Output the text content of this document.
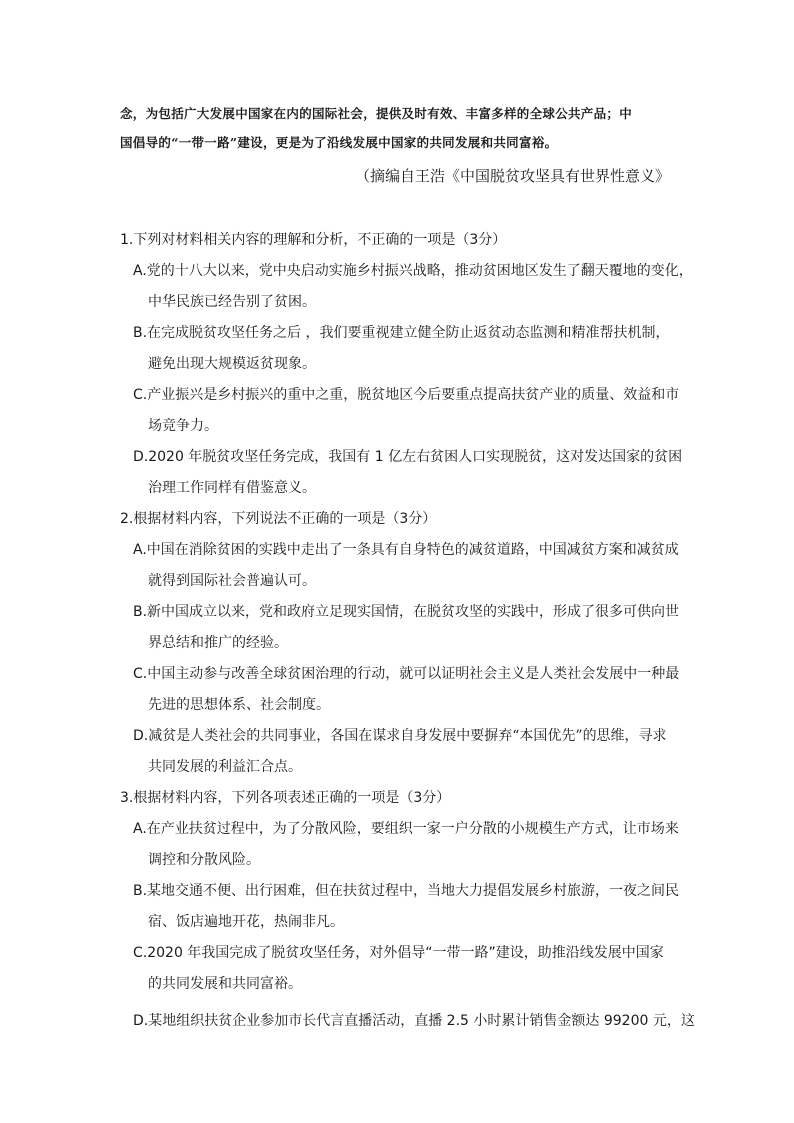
念，为包括广大发展中国家在内的国际社会，提供及时有效、丰富多样的全球公共产品；中
国倡导的“一带一路”建设，更是为了沿线发展中国家的共同发展和共同富裕。
（摘编自王浩《中国脱贫攻坚具有世界性意义》
1.下列对材料相关内容的理解和分析，不正确的一项是（3分）
A.党的十八大以来，党中央启动实施乡村振兴战略，推动贫困地区发生了翻天覆地的变化，
中华民族已经告别了贫困。
B.在完成脱贫攻坚任务之后 ，我们要重视建立健全防止返贫动态监测和精准帮扶机制，
避免出现大规模返贫现象。
C.产业振兴是乡村振兴的重中之重，脱贫地区今后要重点提高扶贫产业的质量、效益和市
场竞争力。
D.2020 年脱贫攻坚任务完成，我国有 1 亿左右贫困人口实现脱贫，这对发达国家的贫困
治理工作同样有借鉴意义。
2.根据材料内容，下列说法不正确的一项是（3分）
A.中国在消除贫困的实践中走出了一条具有自身特色的减贫道路，中国减贫方案和减贫成
就得到国际社会普遍认可。
B.新中国成立以来，党和政府立足现实国情，在脱贫攻坚的实践中，形成了很多可供向世
界总结和推广的经验。
C.中国主动参与改善全球贫困治理的行动，就可以证明社会主义是人类社会发展中一种最
先进的思想体系、社会制度。
D.减贫是人类社会的共同事业，各国在谋求自身发展中要摒弃“本国优先”的思维，寻求
共同发展的利益汇合点。
3.根据材料内容，下列各项表述正确的一项是（3分）
A.在产业扶贫过程中，为了分散风险，要组织一家一户分散的小规模生产方式，让市场来
调控和分散风险。
B.某地交通不便、出行困难，但在扶贫过程中，当地大力提倡发展乡村旅游，一夜之间民
宿、饭店遍地开花，热闹非凡。
C.2020 年我国完成了脱贫攻坚任务，对外倡导“一带一路”建设，助推沿线发展中国家
的共同发展和共同富裕。
D.某地组织扶贫企业参加市长代言直播活动，直播 2.5 小时累计销售金额达 99200 元，这
